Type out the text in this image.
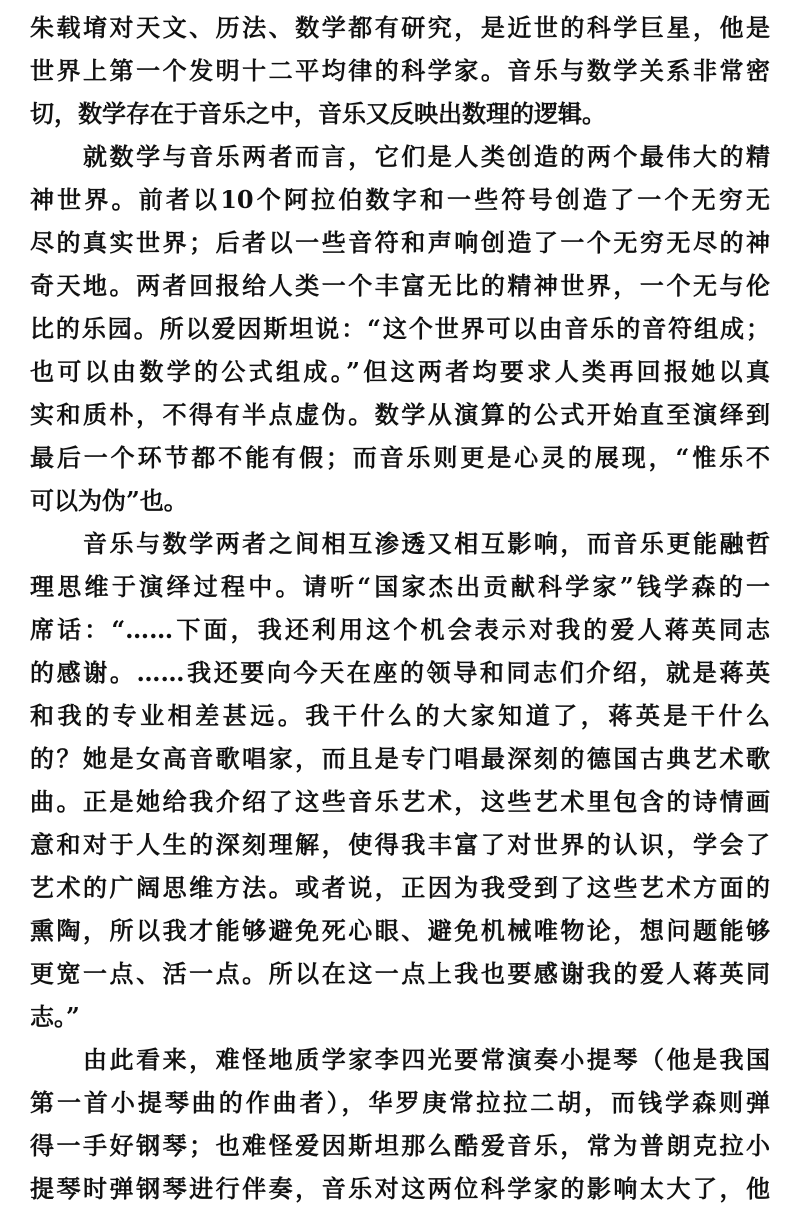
朱载堉对天文、历法、数学都有研究，是近世的科学巨星，他是
世界上第一个发明十二平均律的科学家。音乐与数学关系非常密
切，数学存在于音乐之中，音乐又反映出数理的逻辑。

　　就数学与音乐两者而言，它们是人类创造的两个最伟大的精
神世界。前者以10个阿拉伯数字和一些符号创造了一个无穷无
尽的真实世界；后者以一些音符和声响创造了一个无穷无尽的神
奇天地。两者回报给人类一个丰富无比的精神世界，一个无与伦
比的乐园。所以爱因斯坦说：“这个世界可以由音乐的音符组成；
也可以由数学的公式组成。”但这两者均要求人类再回报她以真
实和质朴，不得有半点虚伪。数学从演算的公式开始直至演绎到
最后一个环节都不能有假；而音乐则更是心灵的展现，“惟乐不
可以为伪”也。

　　音乐与数学两者之间相互渗透又相互影响，而音乐更能融哲
理思维于演绎过程中。请听“国家杰出贡献科学家”钱学森的一
席话：“……下面，我还利用这个机会表示对我的爱人蒋英同志
的感谢。……我还要向今天在座的领导和同志们介绍，就是蒋英
和我的专业相差甚远。我干什么的大家知道了，蒋英是干什么
的？她是女高音歌唱家，而且是专门唱最深刻的德国古典艺术歌
曲。正是她给我介绍了这些音乐艺术，这些艺术里包含的诗情画
意和对于人生的深刻理解，使得我丰富了对世界的认识，学会了
艺术的广阔思维方法。或者说，正因为我受到了这些艺术方面的
熏陶，所以我才能够避免死心眼、避免机械唯物论，想问题能够
更宽一点、活一点。所以在这一点上我也要感谢我的爱人蒋英同
志。”

　　由此看来，难怪地质学家李四光要常演奏小提琴（他是我国
第一首小提琴曲的作曲者），华罗庚常拉拉二胡，而钱学森则弹
得一手好钢琴；也难怪爱因斯坦那么酷爱音乐，常为普朗克拉小
提琴时弹钢琴进行伴奏，音乐对这两位科学家的影响太大了，他
